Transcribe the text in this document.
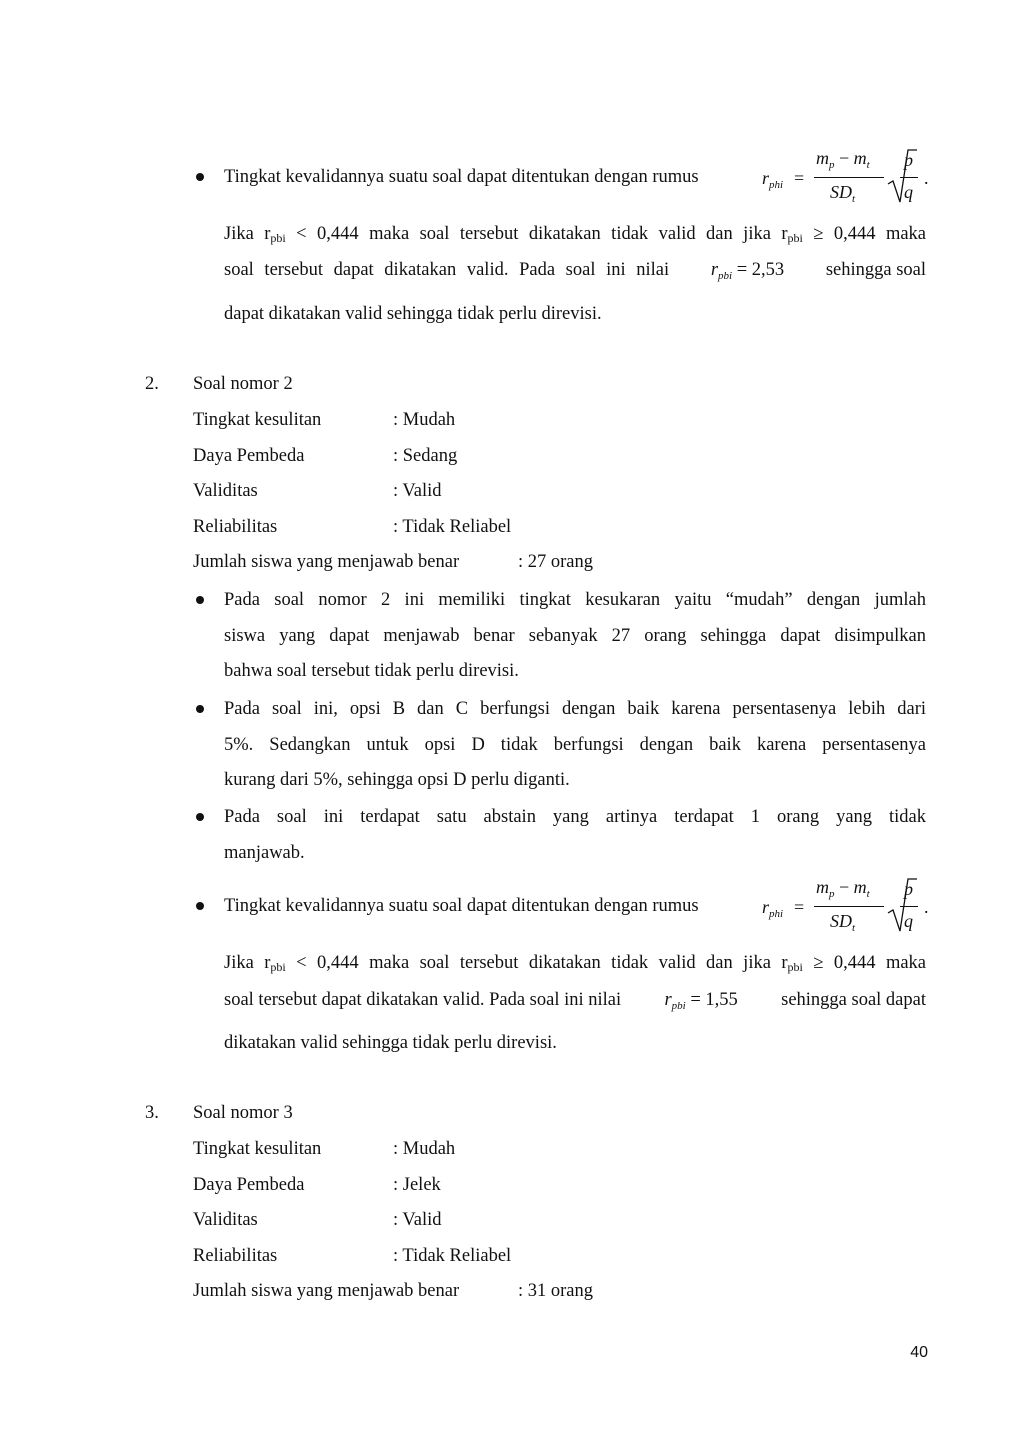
Tingkat kevalidannya suatu soal dapat ditentukan dengan rumus	$r_{phi}$ =
$m_p - m_t$
$SD_t$
p
q
.
Jika $r_{pbi} < 0,444$ maka soal tersebut dikatakan tidak valid dan jika $r_{pbi} \ge 0,444$ maka
soal tersebut dapat dikatakan valid. Pada soal ini nilai $r_{pbi} = 2,53$ sehingga soal
dapat dikatakan valid sehingga tidak perlu direvisi.
2. Soal nomor 2
Tingkat kesulitan	: Mudah
Daya Pembeda	: Sedang
Validitas	: Valid
Reliabilitas	: Tidak Reliabel
Jumlah siswa yang menjawab benar	: 27 orang
Pada soal nomor 2 ini memiliki tingkat kesukaran yaitu “mudah” dengan jumlah
siswa yang dapat menjawab benar sebanyak 27 orang sehingga dapat disimpulkan
bahwa soal tersebut tidak perlu direvisi.
Pada soal ini, opsi B dan C berfungsi dengan baik karena persentasenya lebih dari
5%. Sedangkan untuk opsi D tidak berfungsi dengan baik karena persentasenya
kurang dari 5%, sehingga opsi D perlu diganti.
Pada soal ini terdapat satu abstain yang artinya terdapat 1 orang yang tidak
manjawab.
Tingkat kevalidannya suatu soal dapat ditentukan dengan rumus	$r_{phi}$ =
$m_p - m_t$
$SD_t$
p
q
.
Jika $r_{pbi} < 0,444$ maka soal tersebut dikatakan tidak valid dan jika $r_{pbi} \ge 0,444$ maka
soal tersebut dapat dikatakan valid. Pada soal ini nilai $r_{pbi} = 1,55$ sehingga soal dapat
dikatakan valid sehingga tidak perlu direvisi.
3. Soal nomor 3
Tingkat kesulitan	: Mudah
Daya Pembeda	: Jelek
Validitas	: Valid
Reliabilitas	: Tidak Reliabel
Jumlah siswa yang menjawab benar	: 31 orang
40
